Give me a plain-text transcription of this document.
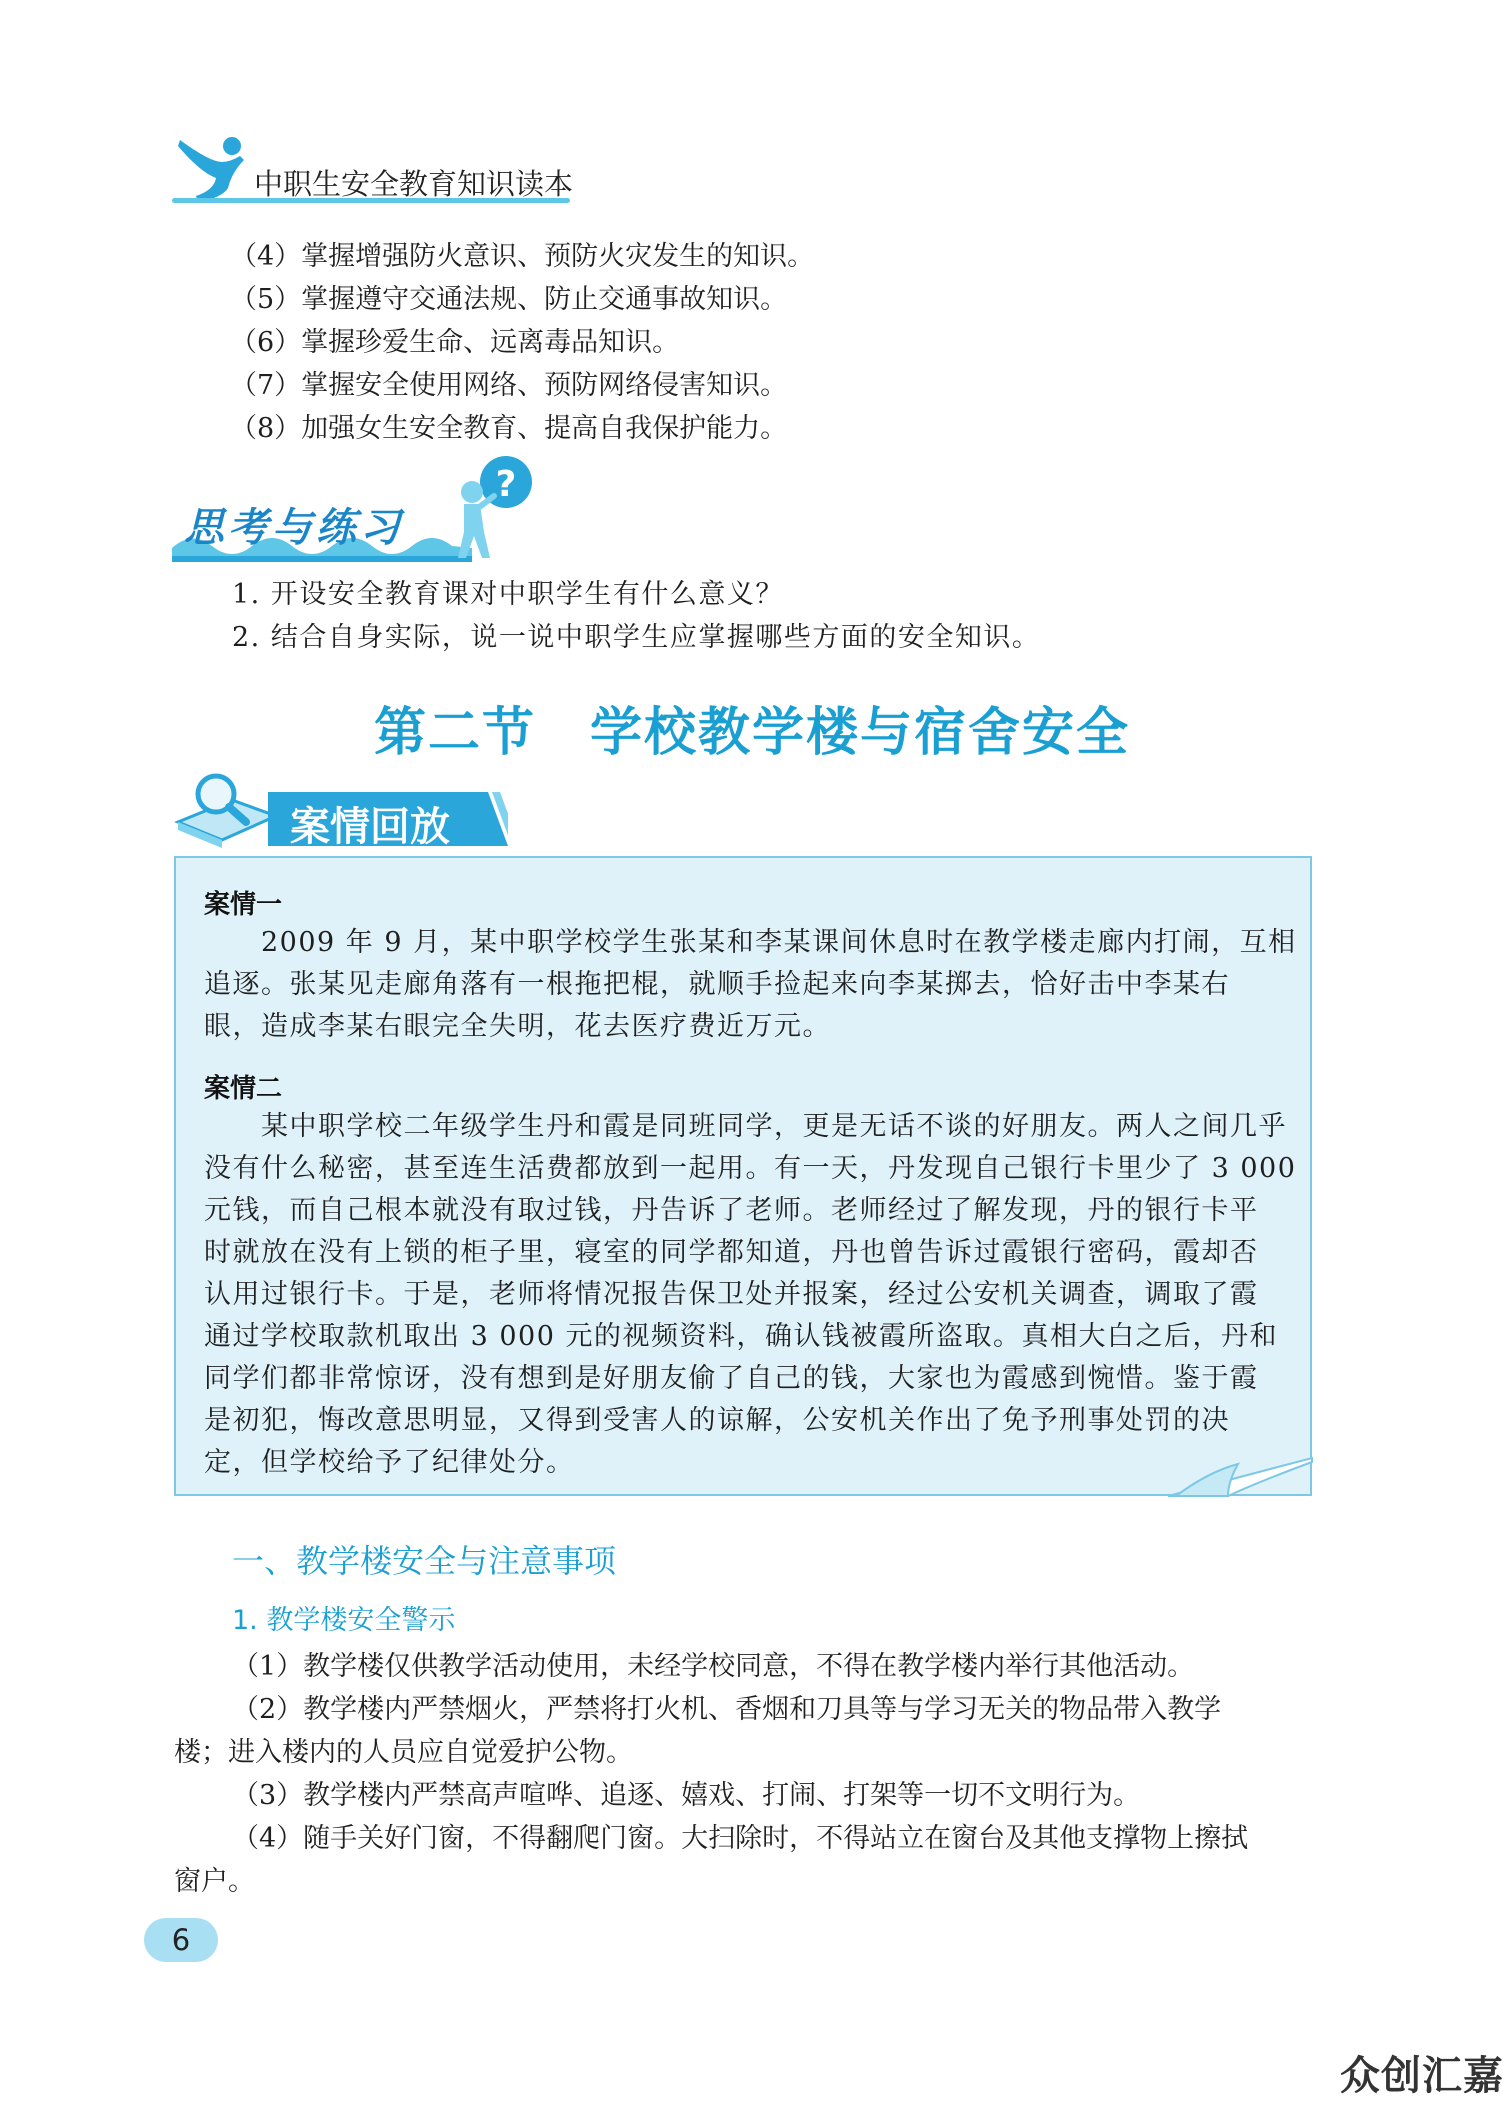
中职生安全教育知识读本
（4）掌握增强防火意识、预防火灾发生的知识。
（5）掌握遵守交通法规、防止交通事故知识。
（6）掌握珍爱生命、远离毒品知识。
（7）掌握安全使用网络、预防网络侵害知识。
（8）加强女生安全教育、提高自我保护能力。
思考与练习
?
1. 开设安全教育课对中职学生有什么意义？
2. 结合自身实际，说一说中职学生应掌握哪些方面的安全知识。
第二节　学校教学楼与宿舍安全
案情回放
案情一
　　2009 年 9 月，某中职学校学生张某和李某课间休息时在教学楼走廊内打闹，互相
追逐。张某见走廊角落有一根拖把棍，就顺手捡起来向李某掷去，恰好击中李某右
眼，造成李某右眼完全失明，花去医疗费近万元。
案情二
　　某中职学校二年级学生丹和霞是同班同学，更是无话不谈的好朋友。两人之间几乎
没有什么秘密，甚至连生活费都放到一起用。有一天，丹发现自己银行卡里少了 3 000
元钱，而自己根本就没有取过钱，丹告诉了老师。老师经过了解发现，丹的银行卡平
时就放在没有上锁的柜子里，寝室的同学都知道，丹也曾告诉过霞银行密码，霞却否
认用过银行卡。于是，老师将情况报告保卫处并报案，经过公安机关调查，调取了霞
通过学校取款机取出 3 000 元的视频资料，确认钱被霞所盗取。真相大白之后，丹和
同学们都非常惊讶，没有想到是好朋友偷了自己的钱，大家也为霞感到惋惜。鉴于霞
是初犯，悔改意思明显，又得到受害人的谅解，公安机关作出了免予刑事处罚的决
定，但学校给予了纪律处分。
一、教学楼安全与注意事项
1. 教学楼安全警示
（1）教学楼仅供教学活动使用，未经学校同意，不得在教学楼内举行其他活动。
（2）教学楼内严禁烟火，严禁将打火机、香烟和刀具等与学习无关的物品带入教学
楼；进入楼内的人员应自觉爱护公物。
（3）教学楼内严禁高声喧哗、追逐、嬉戏、打闹、打架等一切不文明行为。
（4）随手关好门窗，不得翻爬门窗。大扫除时，不得站立在窗台及其他支撑物上擦拭
窗户。
6
众创汇嘉
